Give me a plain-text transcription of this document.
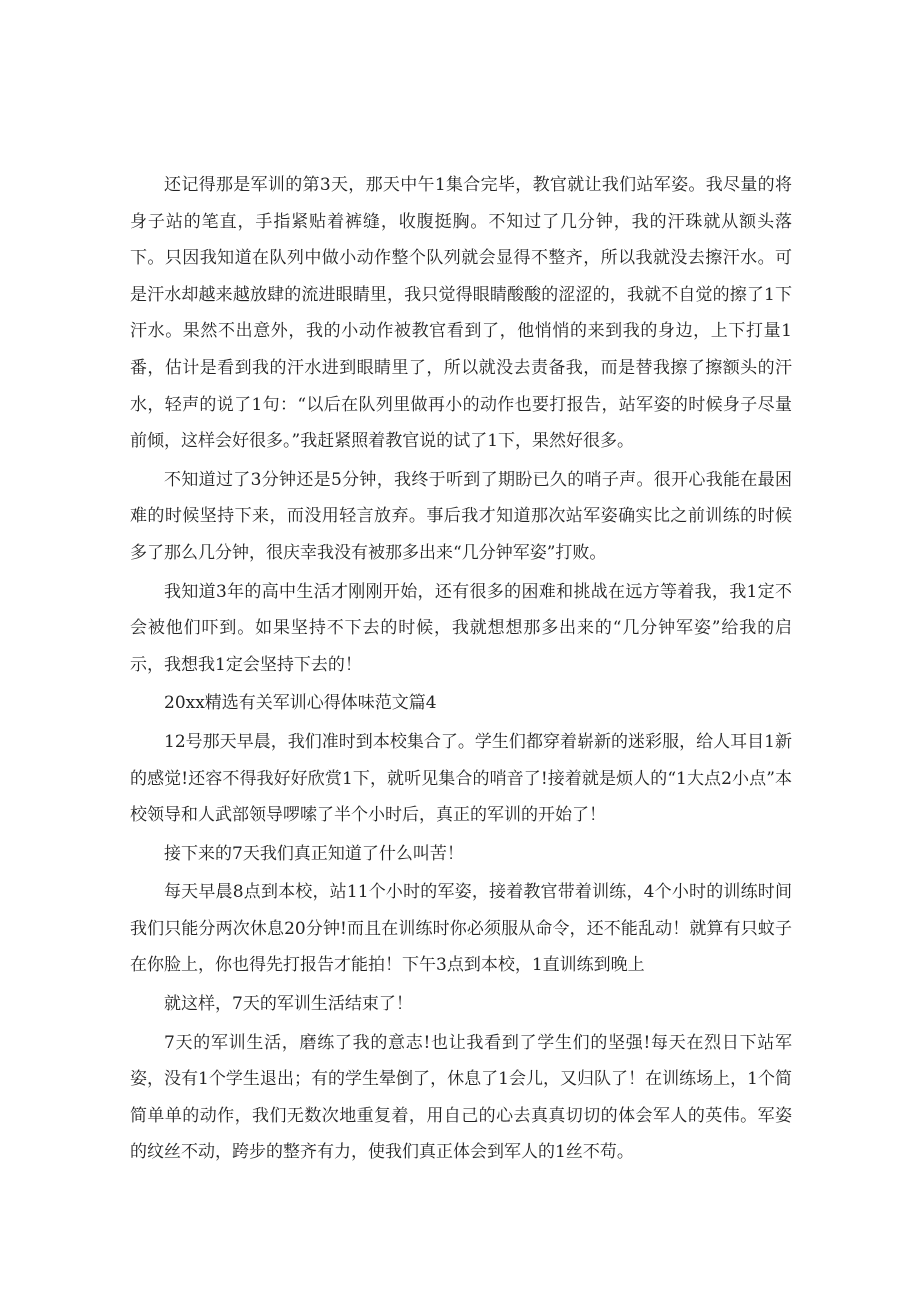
还记得那是军训的第3天，那天中午1集合完毕，教官就让我们站军姿。我尽量的将身子站的笔直，手指紧贴着裤缝，收腹挺胸。不知过了几分钟，我的汗珠就从额头落下。只因我知道在队列中做小动作整个队列就会显得不整齐，所以我就没去擦汗水。可是汗水却越来越放肆的流进眼睛里，我只觉得眼睛酸酸的涩涩的，我就不自觉的擦了1下汗水。果然不出意外，我的小动作被教官看到了，他悄悄的来到我的身边，上下打量1番，估计是看到我的汗水进到眼睛里了，所以就没去责备我，而是替我擦了擦额头的汗水，轻声的说了1句：“以后在队列里做再小的动作也要打报告，站军姿的时候身子尽量前倾，这样会好很多。”我赶紧照着教官说的试了1下，果然好很多。

不知道过了3分钟还是5分钟，我终于听到了期盼已久的哨子声。很开心我能在最困难的时候坚持下来，而没用轻言放弃。事后我才知道那次站军姿确实比之前训练的时候多了那么几分钟，很庆幸我没有被那多出来“几分钟军姿”打败。

我知道3年的高中生活才刚刚开始，还有很多的困难和挑战在远方等着我，我1定不会被他们吓到。如果坚持不下去的时候，我就想想那多出来的“几分钟军姿”给我的启示，我想我1定会坚持下去的！

20xx精选有关军训心得体味范文篇4

12号那天早晨，我们准时到本校集合了。学生们都穿着崭新的迷彩服，给人耳目1新的感觉!还容不得我好好欣赏1下，就听见集合的哨音了!接着就是烦人的“1大点2小点”本校领导和人武部领导啰嗦了半个小时后，真正的军训的开始了！

接下来的7天我们真正知道了什么叫苦！

每天早晨8点到本校，站11个小时的军姿，接着教官带着训练，4个小时的训练时间我们只能分两次休息20分钟!而且在训练时你必须服从命令，还不能乱动！就算有只蚊子在你脸上，你也得先打报告才能拍！下午3点到本校，1直训练到晚上

就这样，7天的军训生活结束了！

7天的军训生活，磨练了我的意志!也让我看到了学生们的坚强!每天在烈日下站军姿，没有1个学生退出；有的学生晕倒了，休息了1会儿，又归队了！在训练场上，1个简简单单的动作，我们无数次地重复着，用自己的心去真真切切的体会军人的英伟。军姿的纹丝不动，跨步的整齐有力，使我们真正体会到军人的1丝不苟。
